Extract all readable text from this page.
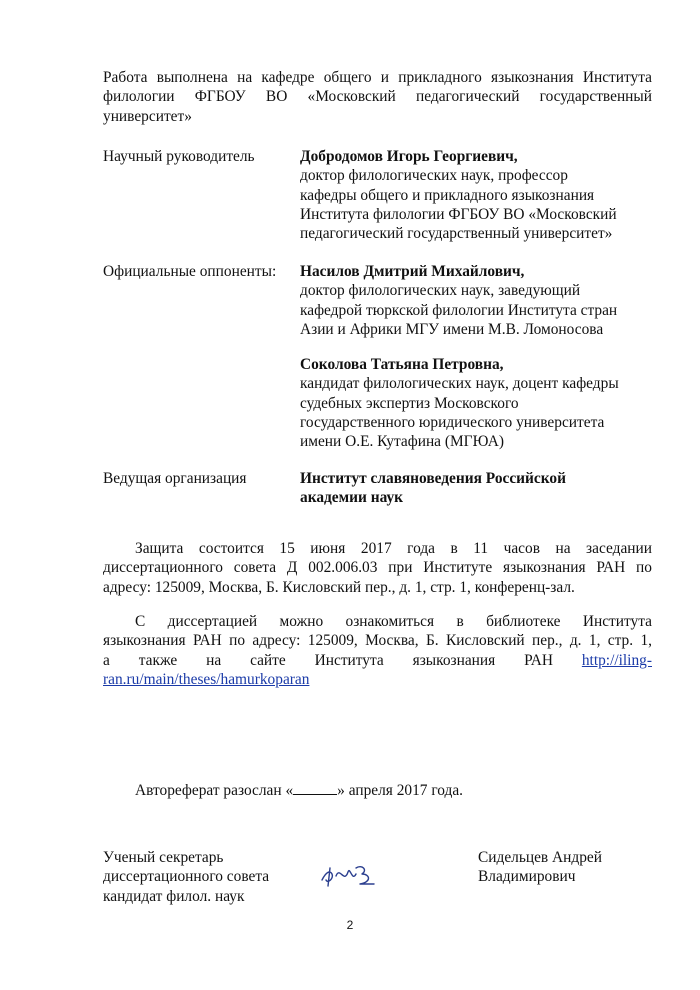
Работа выполнена на кафедре общего и прикладного языкознания Института
филологии ФГБОУ ВО «Московский педагогический государственный
университет»
Научный руководитель	Добродомов Игорь Георгиевич,
доктор филологических наук, профессор
кафедры общего и прикладного языкознания
Института филологии ФГБОУ ВО «Московский
педагогический государственный университет»
Официальные оппоненты: Насилов Дмитрий Михайлович,
доктор филологических наук, заведующий
кафедрой тюркской филологии Института стран
Азии и Африки МГУ имени М.В. Ломоносова
Соколова Татьяна Петровна,
кандидат филологических наук, доцент кафедры
судебных экспертиз Московского
государственного юридического университета
имени О.Е. Кутафина (МГЮА)
Ведущая организация	Институт славяноведения Российской
академии наук
Защита состоится 15 июня 2017 года в 11 часов на заседании
диссертационного совета Д 002.006.03 при Институте языкознания РАН по
адресу: 125009, Москва, Б. Кисловский пер., д. 1, стр. 1, конференц-зал.
С диссертацией можно ознакомиться в библиотеке Института
языкознания РАН по адресу: 125009, Москва, Б. Кисловский пер., д. 1, стр. 1,
а также на сайте Института языкознания РАН http://iling-
ran.ru/main/theses/hamurkoparan
Автореферат разослан «	» апреля 2017 года.
Ученый секретарь
диссертационного совета
кандидат филол. наук
Сидельцев Андрей
Владимирович
2
